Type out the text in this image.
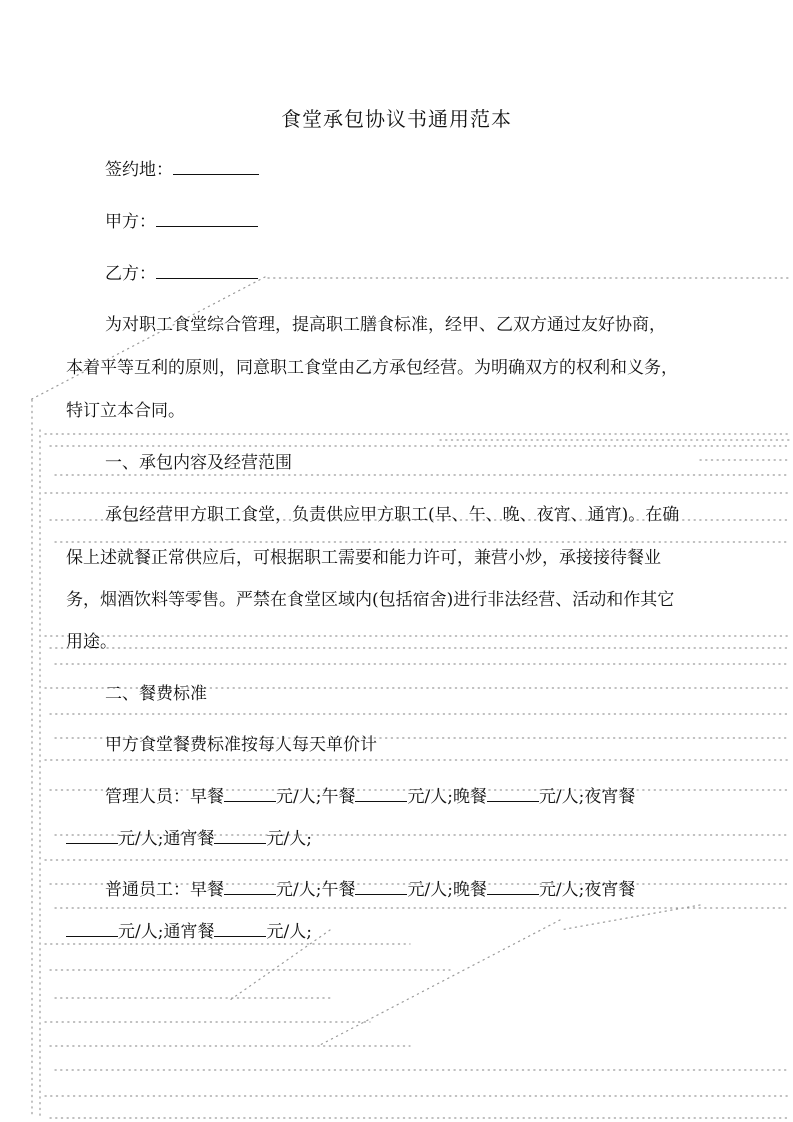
食堂承包协议书通用范本
签约地：
甲方：
乙方：
为对职工食堂综合管理，提高职工膳食标准，经甲、乙双方通过友好协商，
本着平等互利的原则，同意职工食堂由乙方承包经营。为明确双方的权利和义务，
特订立本合同。
一、承包内容及经营范围
承包经营甲方职工食堂，负责供应甲方职工(早、午、晚、夜宵、通宵)。在确
保上述就餐正常供应后，可根据职工需要和能力许可，兼营小炒，承接接待餐业
务，烟酒饮料等零售。严禁在食堂区域内(包括宿舍)进行非法经营、活动和作其它
用途。
二、餐费标准
甲方食堂餐费标准按每人每天单价计
管理人员：早餐	元/人;午餐	元/人;晚餐	元/人;夜宵餐
元/人;通宵餐	元/人;
普通员工：早餐	元/人;午餐	元/人;晚餐	元/人;夜宵餐
元/人;通宵餐	元/人;
